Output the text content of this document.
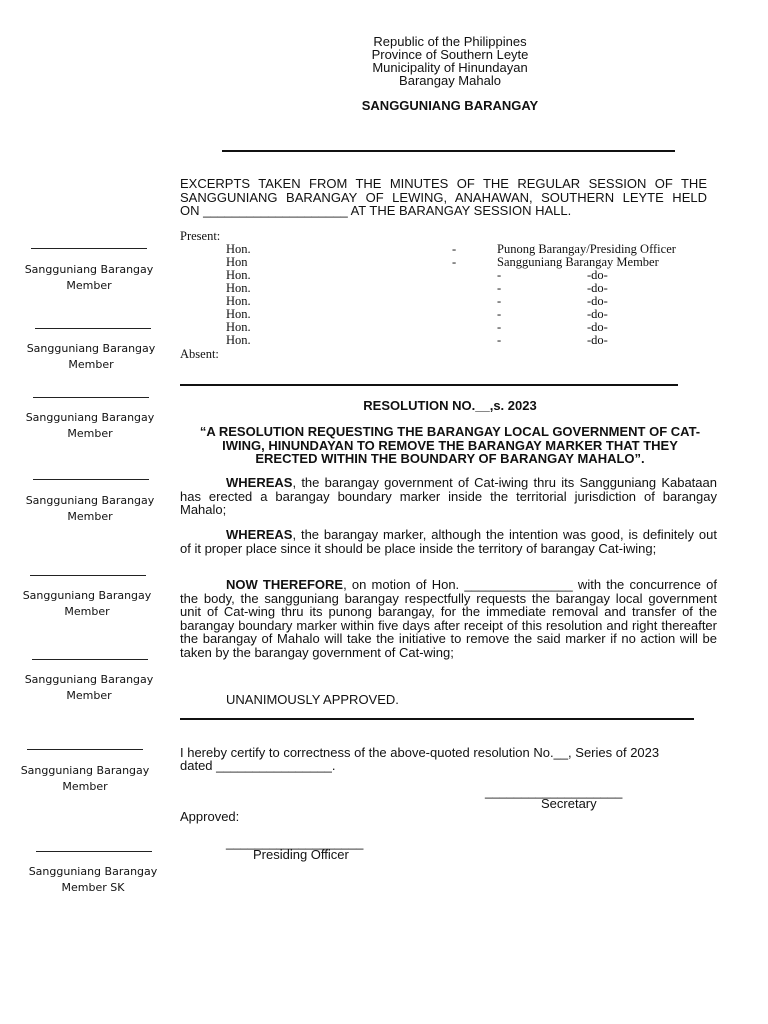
Republic of the Philippines
Province of Southern Leyte
Municipality of Hinundayan
Barangay Mahalo
SANGGUNIANG BARANGAY
EXCERPTS TAKEN FROM THE MINUTES OF THE REGULAR SESSION OF THE
SANGGUNIANG BARANGAY OF LEWING, ANAHAWAN, SOUTHERN LEYTE HELD
ON ____________________ AT THE BARANGAY SESSION HALL.
Present:
Hon.	-	Punong Barangay/Presiding Officer
Hon	-	Sangguniang Barangay Member
Hon.	-	-do-
Hon.	-	-do-
Hon.	-	-do-
Hon.	-	-do-
Hon.	-	-do-
Hon.	-	-do-
Absent:
RESOLUTION NO.__,s. 2023
“A RESOLUTION REQUESTING THE BARANGAY LOCAL GOVERNMENT OF CAT-
IWING, HINUNDAYAN TO REMOVE THE BARANGAY MARKER THAT THEY
ERECTED WITHIN THE BOUNDARY OF BARANGAY MAHALO”.
WHEREAS, the barangay government of Cat-iwing thru its Sangguniang Kabataan has erected a barangay boundary marker inside the territorial jurisdiction of barangay Mahalo;
WHEREAS, the barangay marker, although the intention was good, is definitely out of it proper place since it should be place inside the territory of barangay Cat-iwing;
NOW THEREFORE, on motion of Hon. _______________ with the concurrence of the body, the sangguniang barangay respectfully requests the barangay local government unit of Cat-wing thru its punong barangay, for the immediate removal and transfer of the barangay boundary marker within five days after receipt of this resolution and right thereafter the barangay of Mahalo will take the initiative to remove the said marker if no action will be taken by the barangay government of Cat-wing;
UNANIMOUSLY APPROVED.
I hereby certify to correctness of the above-quoted resolution No.__, Series of 2023
dated ________________.
___________________
Secretary
Approved:
___________________
Presiding Officer
Sangguniang Barangay
Member
Sangguniang Barangay
Member
Sangguniang Barangay
Member
Sangguniang Barangay
Member
Sangguniang Barangay
Member
Sangguniang Barangay
Member
Sangguniang Barangay
Member
Sangguniang Barangay
Member SK
